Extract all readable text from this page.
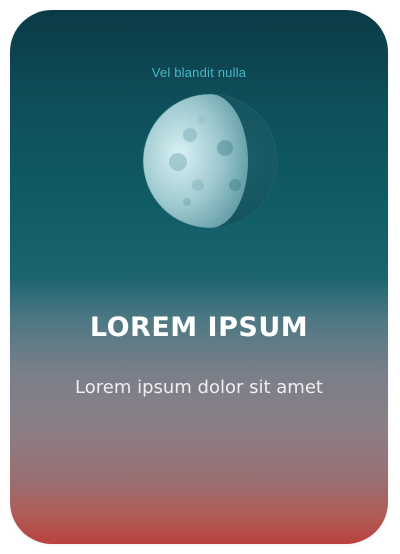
Vel blandit nulla
LOREM IPSUM
Lorem ipsum dolor sit amet
